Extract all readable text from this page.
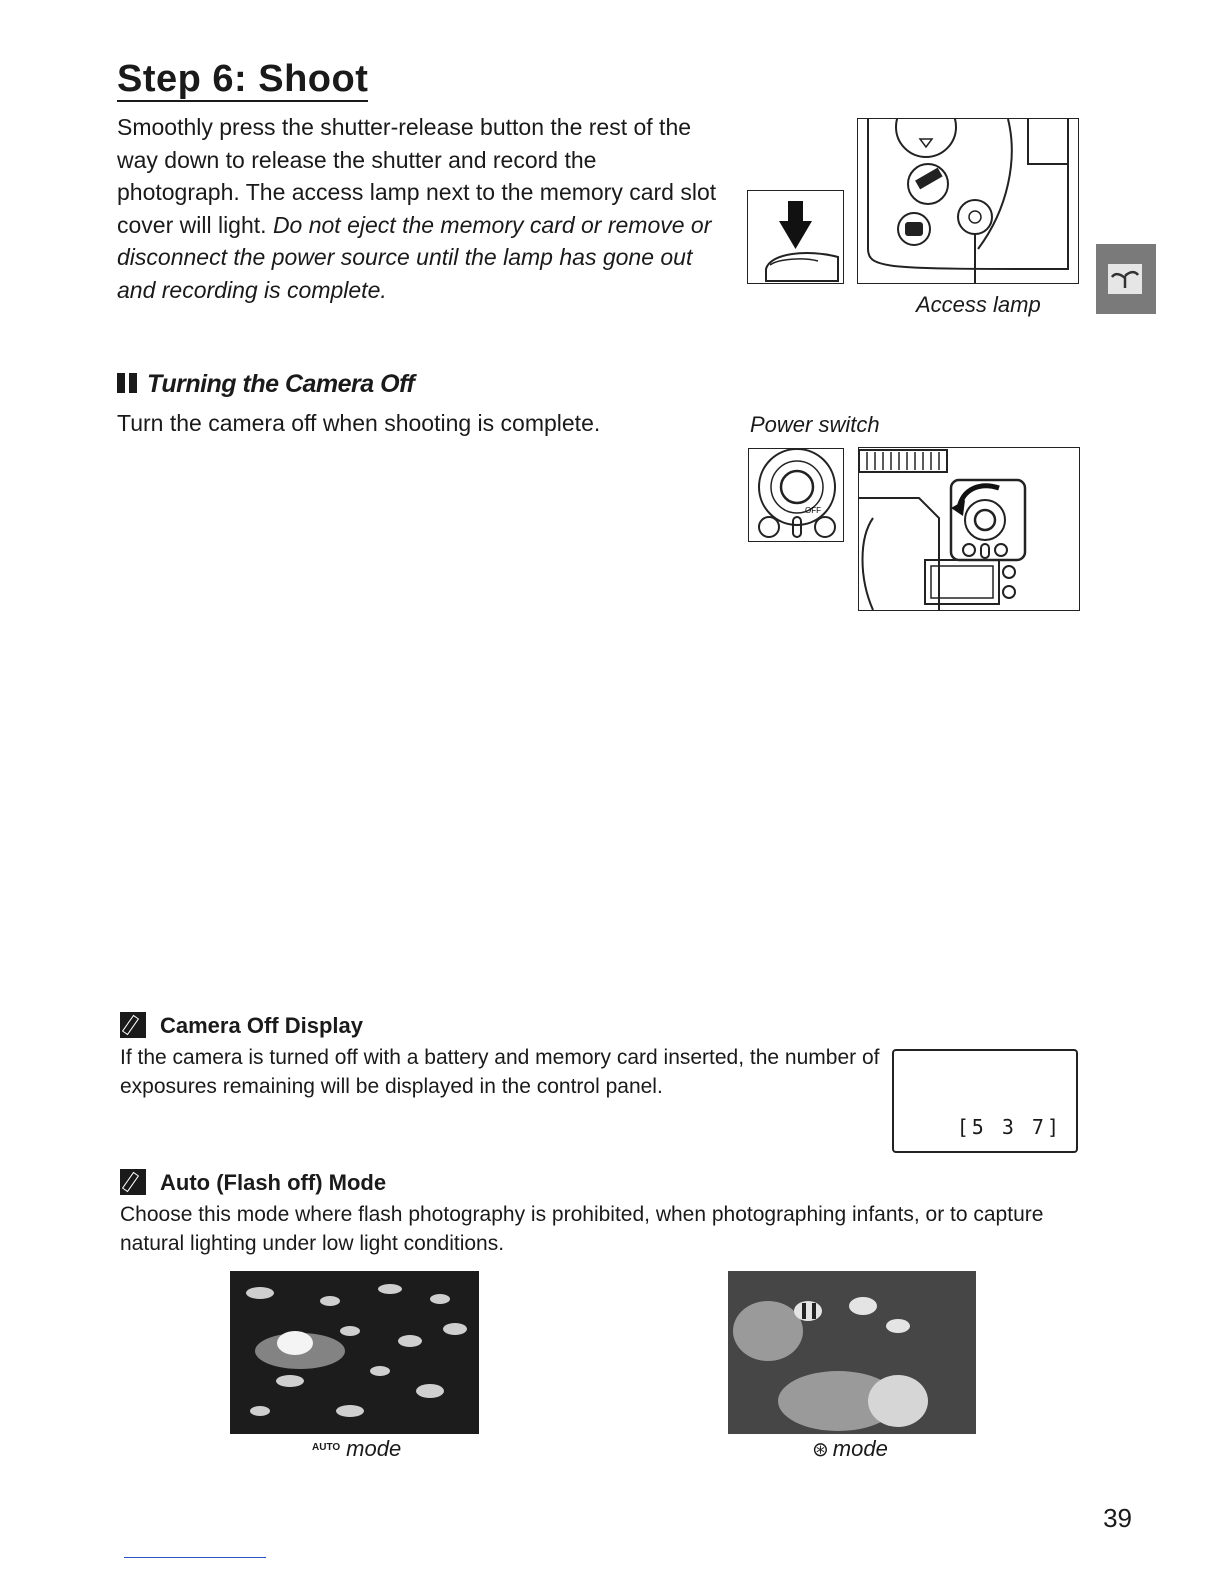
Step 6: Shoot

Smoothly press the shutter-release button the rest of the way down to release the shutter and record the photograph. The access lamp next to the memory card slot cover will light. Do not eject the memory card or remove or disconnect the power source until the lamp has gone out and recording is complete.

Access lamp
Turning the Camera Off

Turn the camera off when shooting is complete.	Power switch
OFF

Camera Off Display

If the camera is turned off with a battery and memory card inserted, the number of exposures remaining will be displayed in the control panel.

[5 3 7]

Auto (Flash off) Mode

Choose this mode where flash photography is prohibited, when photographing infants, or to capture natural lighting under low light conditions.

$^{AUTO}$ mode	⊛ mode
39
